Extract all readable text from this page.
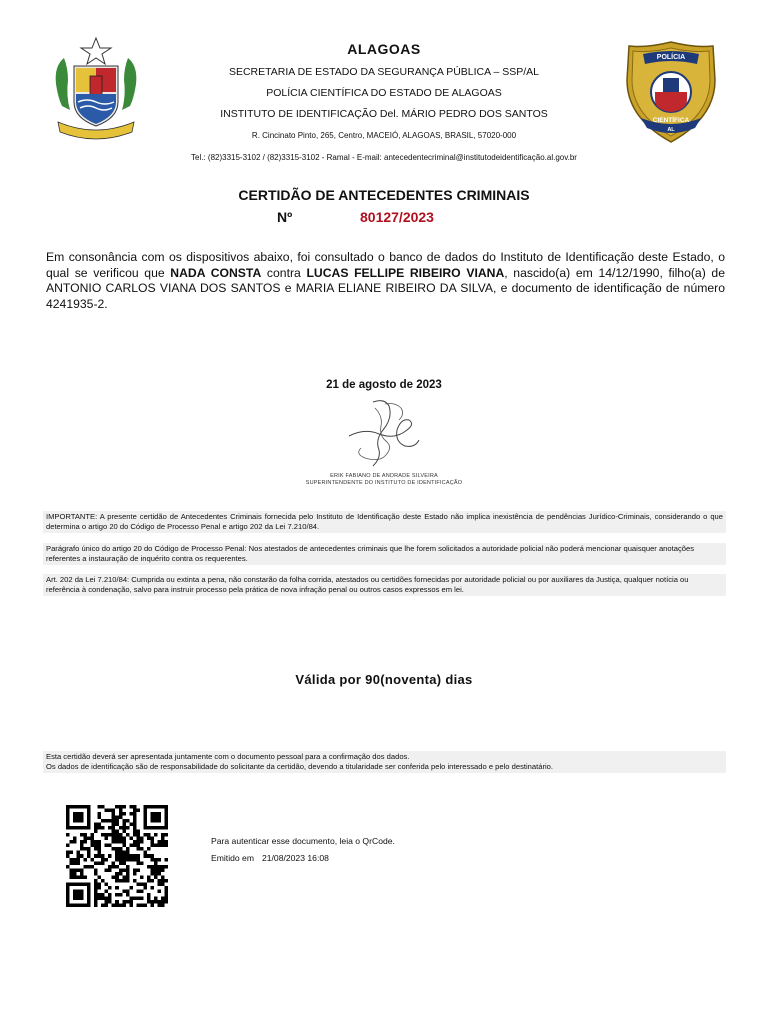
POLÍCIA
CIENTÍFICA
AL
ALAGOAS
SECRETARIA DE ESTADO DA SEGURANÇA PÚBLICA – SSP/AL
POLÍCIA CIENTÍFICA DO ESTADO DE ALAGOAS
INSTITUTO DE IDENTIFICAÇÃO Del. MÁRIO PEDRO DOS SANTOS
R. Cincinato Pinto, 265, Centro, MACEIÓ, ALAGOAS, BRASIL, 57020-000
Tel.: (82)3315-3102 / (82)3315-3102 - Ramal - E-mail: antecedentecriminal@institutodeidentificação.al.gov.br
CERTIDÃO DE ANTECEDENTES CRIMINAIS
Nº	80127/2023
Em consonância com os dispositivos abaixo, foi consultado o banco de dados do Instituto de Identificação deste Estado, o qual se verificou que NADA CONSTA contra LUCAS FELLIPE RIBEIRO VIANA, nascido(a) em 14/12/1990, filho(a) de ANTONIO CARLOS VIANA DOS SANTOS e MARIA ELIANE RIBEIRO DA SILVA, e documento de identificação de número 4241935-2.
21 de agosto de 2023
ERIK FABIANO DE ANDRADE SILVEIRA
SUPERINTENDENTE DO INSTITUTO DE IDENTIFICAÇÃO
IMPORTANTE: A presente certidão de Antecedentes Criminais fornecida pelo Instituto de Identificação deste Estado não implica inexistência de pendências Jurídico-Criminais, considerando o que determina o artigo 20 do Código de Processo Penal e artigo 202 da Lei 7.210/84.
Parágrafo único do artigo 20 do Código de Processo Penal: Nos atestados de antecedentes criminais que lhe forem solicitados a autoridade policial não poderá mencionar quaisquer anotações referentes a instauração de inquérito contra os requerentes.
Art. 202 da Lei 7.210/84: Cumprida ou extinta a pena, não constarão da folha corrida, atestados ou certidões fornecidas por autoridade policial ou por auxiliares da Justiça, qualquer notícia ou referência à condenação, salvo para instruir processo pela prática de nova infração penal ou outros casos expressos em lei.
Válida por 90(noventa) dias
Esta certidão deverá ser apresentada juntamente com o documento pessoal para a confirmação dos dados.
Os dados de identificação são de responsabilidade do solicitante da certidão, devendo a titularidade ser conferida pelo interessado e pelo destinatário.
Para autenticar esse documento, leia o QrCode.
Emitido em 21/08/2023 16:08
